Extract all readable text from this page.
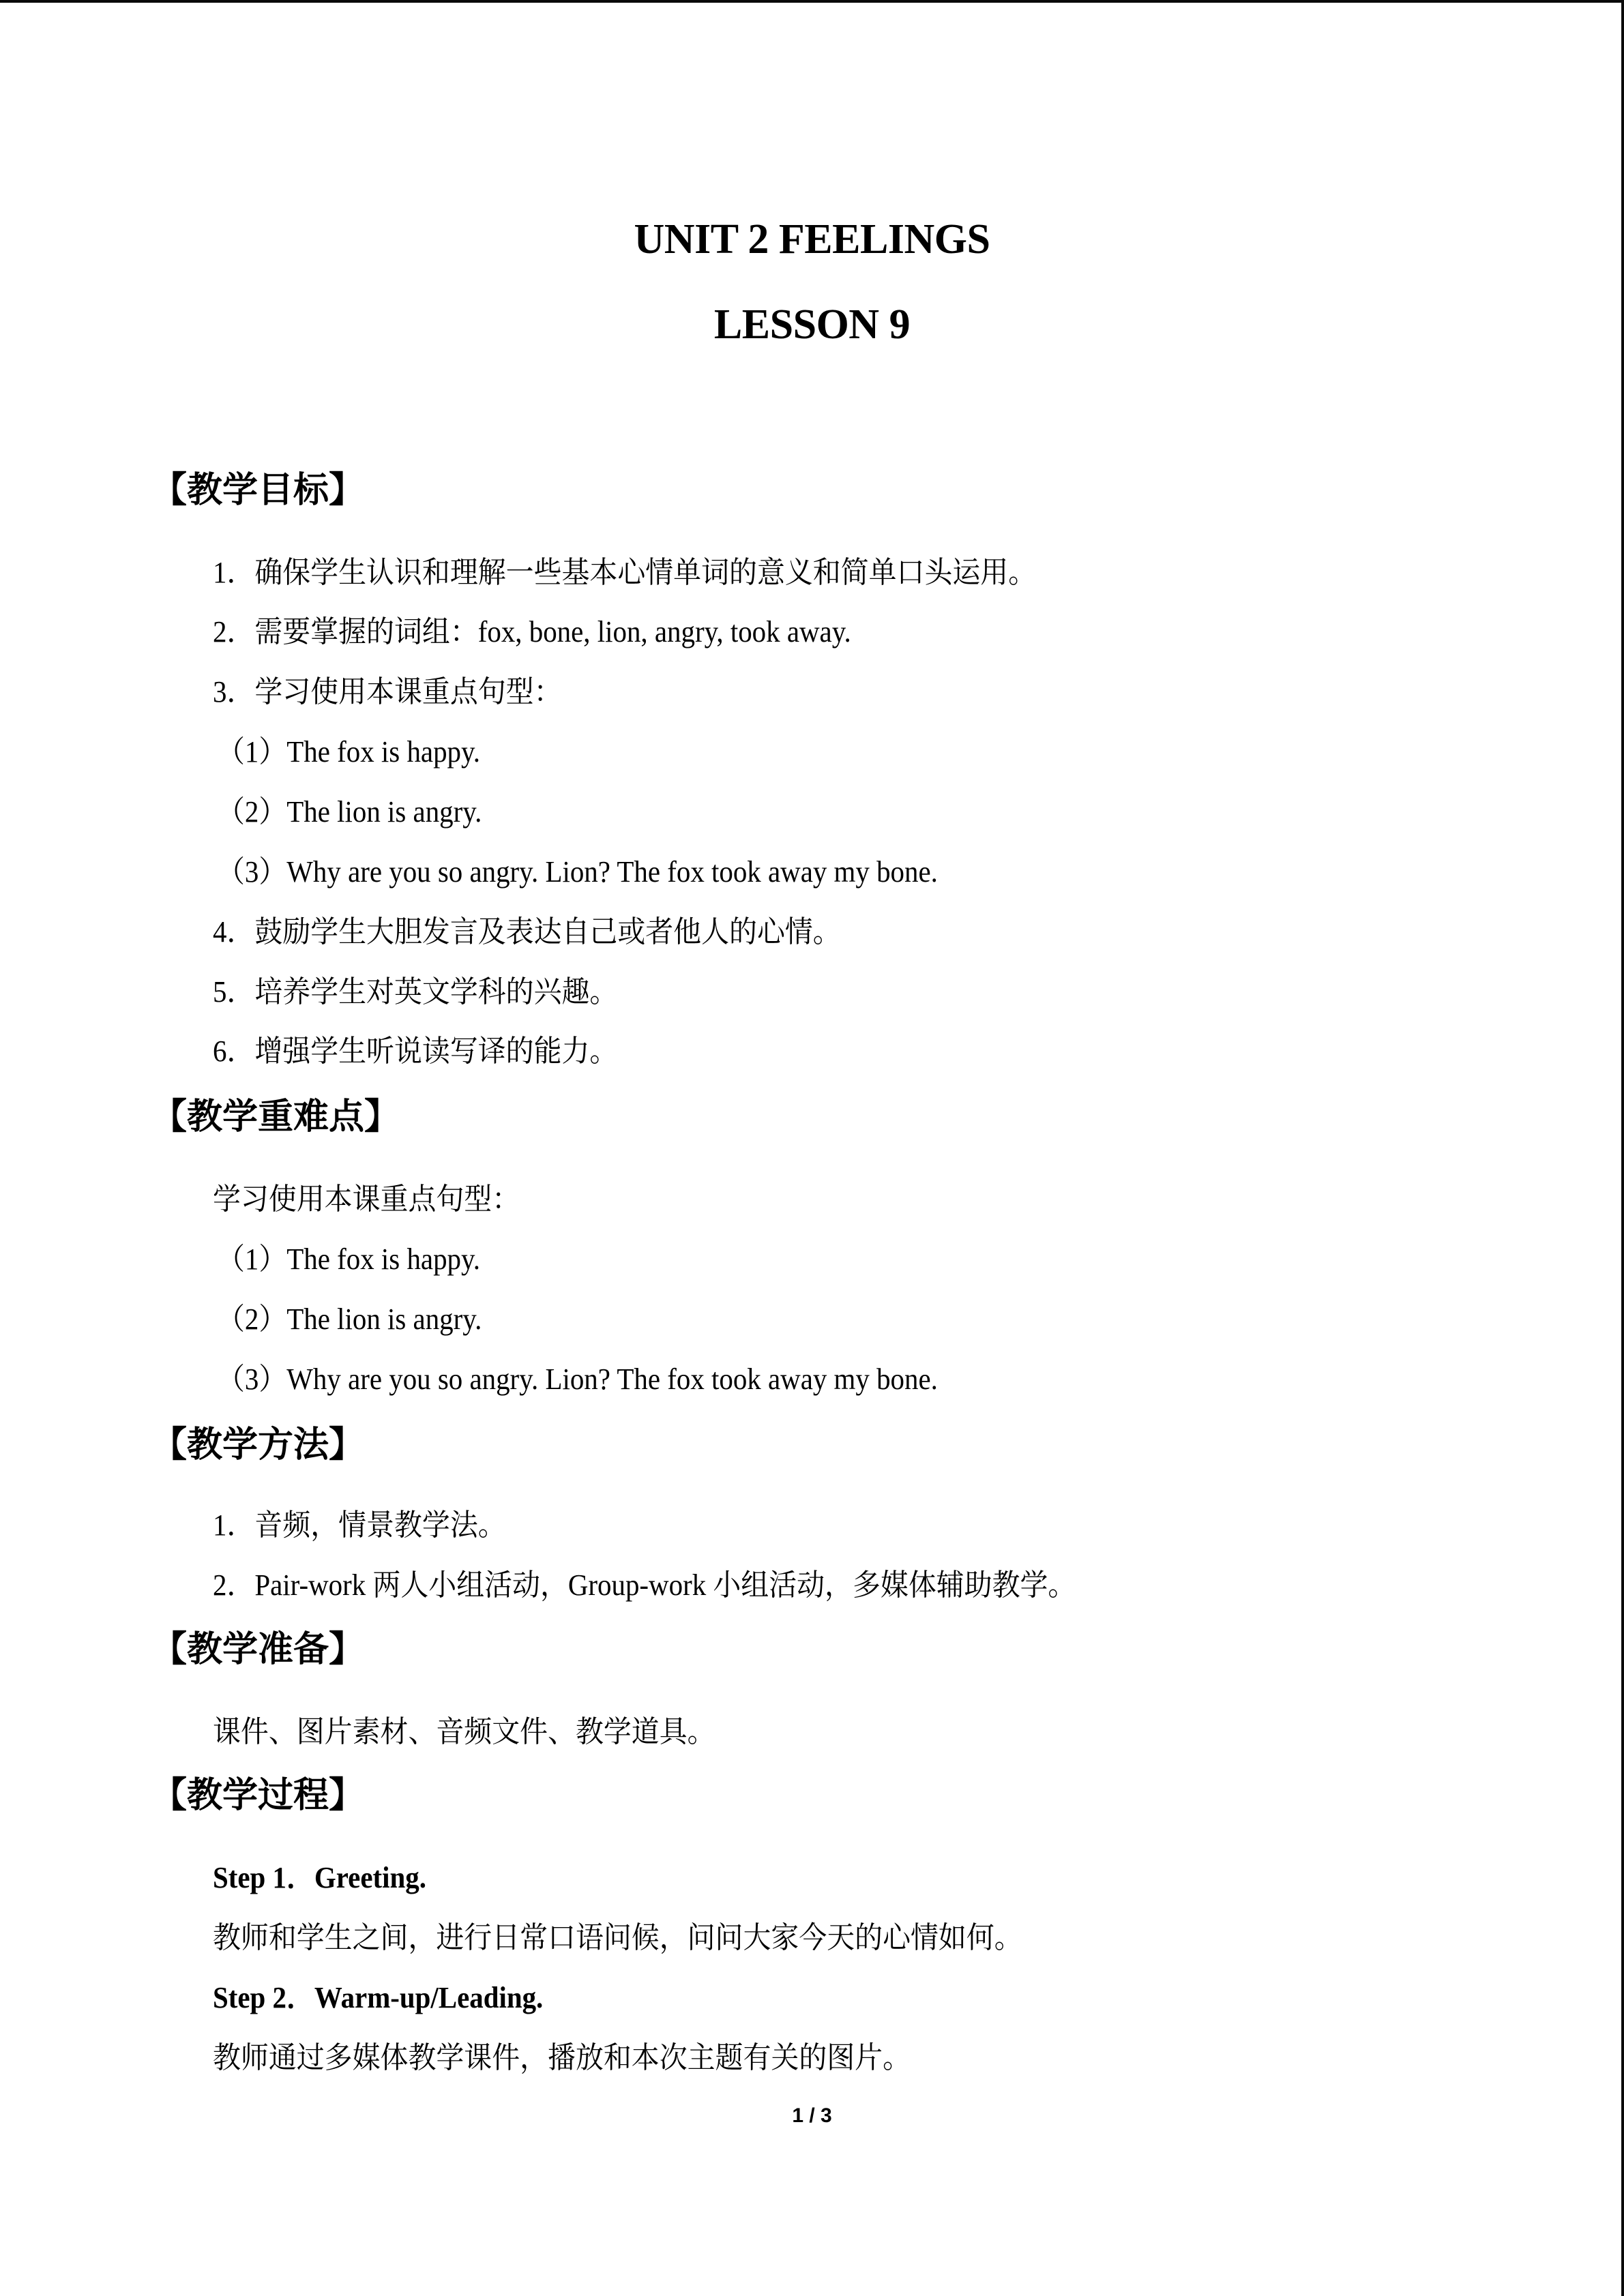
UNIT 2 FEELINGS
LESSON 9
【教学目标】
1．确保学生认识和理解一些基本心情单词的意义和简单口头运用。
2．需要掌握的词组：fox, bone, lion, angry, took away.
3．学习使用本课重点句型：
（1）The fox is happy.
（2）The lion is angry.
（3）Why are you so angry. Lion? The fox took away my bone.
4．鼓励学生大胆发言及表达自己或者他人的心情。
5．培养学生对英文学科的兴趣。
6．增强学生听说读写译的能力。
【教学重难点】
学习使用本课重点句型：
（1）The fox is happy.
（2）The lion is angry.
（3）Why are you so angry. Lion? The fox took away my bone.
【教学方法】
1．音频，情景教学法。
2．Pair-work 两人小组活动，Group-work 小组活动，多媒体辅助教学。
【教学准备】
课件、图片素材、音频文件、教学道具。
【教学过程】
Step 1．Greeting.
教师和学生之间，进行日常口语问候，问问大家今天的心情如何。
Step 2．Warm-up/Leading.
教师通过多媒体教学课件，播放和本次主题有关的图片。
1 / 3
